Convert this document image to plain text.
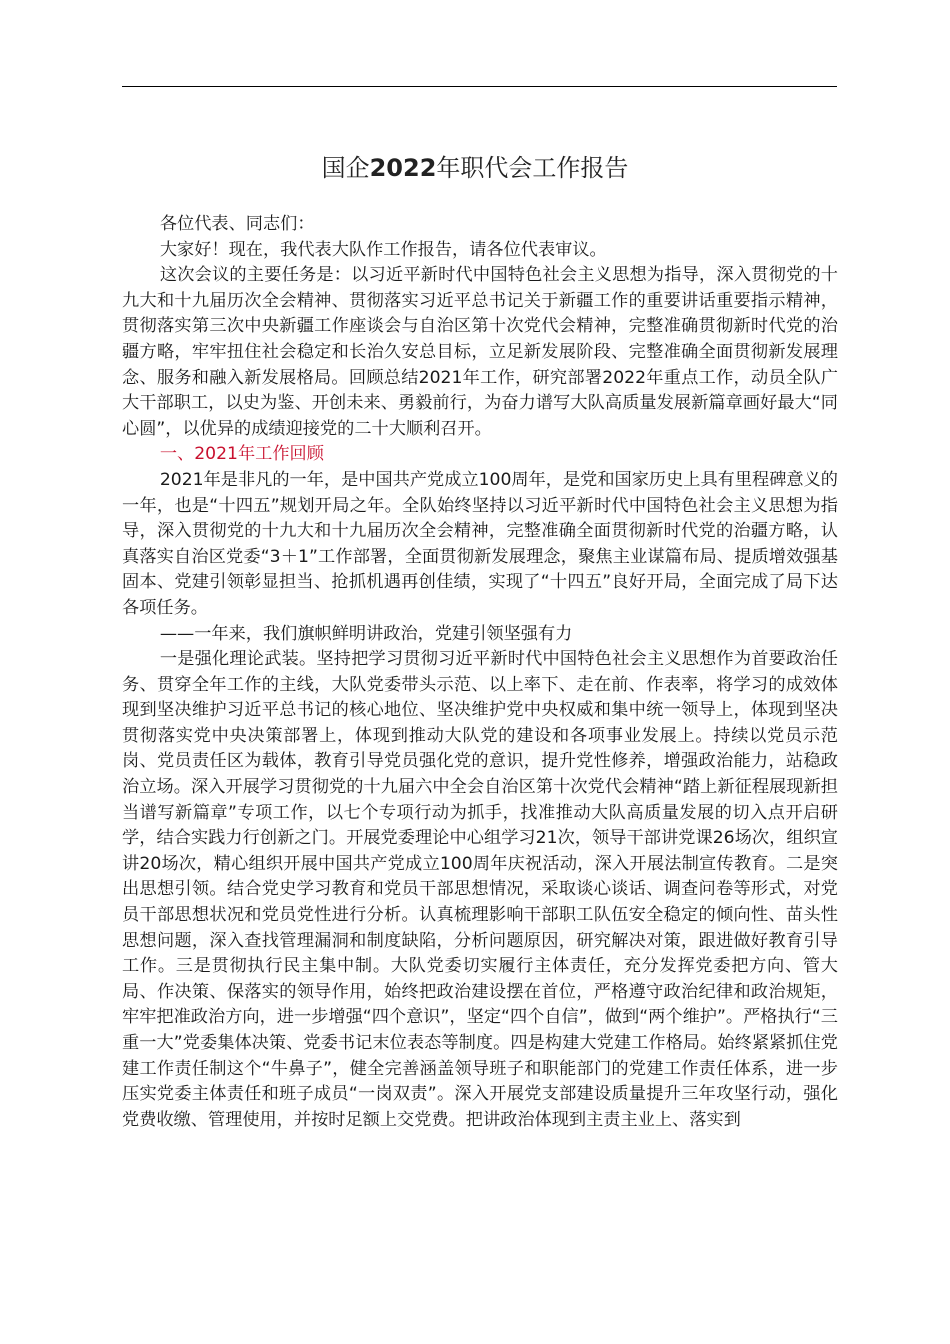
国企2022年职代会工作报告

各位代表、同志们：

大家好！现在，我代表大队作工作报告，请各位代表审议。

这次会议的主要任务是：以习近平新时代中国特色社会主义思想为指导，深入贯彻党的十九大和十九届历次全会精神、贯彻落实习近平总书记关于新疆工作的重要讲话重要指示精神，贯彻落实第三次中央新疆工作座谈会与自治区第十次党代会精神，完整准确贯彻新时代党的治疆方略，牢牢扭住社会稳定和长治久安总目标，立足新发展阶段、完整准确全面贯彻新发展理念、服务和融入新发展格局。回顾总结2021年工作，研究部署2022年重点工作，动员全队广大干部职工，以史为鉴、开创未来、勇毅前行，为奋力谱写大队高质量发展新篇章画好最大“同心圆”，以优异的成绩迎接党的二十大顺利召开。

一、2021年工作回顾

2021年是非凡的一年，是中国共产党成立100周年，是党和国家历史上具有里程碑意义的一年，也是“十四五”规划开局之年。全队始终坚持以习近平新时代中国特色社会主义思想为指导，深入贯彻党的十九大和十九届历次全会精神，完整准确全面贯彻新时代党的治疆方略，认真落实自治区党委“3＋1”工作部署，全面贯彻新发展理念，聚焦主业谋篇布局、提质增效强基固本、党建引领彰显担当、抢抓机遇再创佳绩，实现了“十四五”良好开局，全面完成了局下达各项任务。

——一年来，我们旗帜鲜明讲政治，党建引领坚强有力

一是强化理论武装。坚持把学习贯彻习近平新时代中国特色社会主义思想作为首要政治任务、贯穿全年工作的主线，大队党委带头示范、以上率下、走在前、作表率，将学习的成效体现到坚决维护习近平总书记的核心地位、坚决维护党中央权威和集中统一领导上，体现到坚决贯彻落实党中央决策部署上，体现到推动大队党的建设和各项事业发展上。持续以党员示范岗、党员责任区为载体，教育引导党员强化党的意识，提升党性修养，增强政治能力，站稳政治立场。深入开展学习贯彻党的十九届六中全会自治区第十次党代会精神“踏上新征程展现新担当谱写新篇章”专项工作，以七个专项行动为抓手，找准推动大队高质量发展的切入点开启研学，结合实践力行创新之门。开展党委理论中心组学习21次，领导干部讲党课26场次，组织宣讲20场次，精心组织开展中国共产党成立100周年庆祝活动，深入开展法制宣传教育。二是突出思想引领。结合党史学习教育和党员干部思想情况，采取谈心谈话、调查问卷等形式，对党员干部思想状况和党员党性进行分析。认真梳理影响干部职工队伍安全稳定的倾向性、苗头性思想问题，深入查找管理漏洞和制度缺陷，分析问题原因，研究解决对策，跟进做好教育引导工作。三是贯彻执行民主集中制。大队党委切实履行主体责任，充分发挥党委把方向、管大局、作决策、保落实的领导作用，始终把政治建设摆在首位，严格遵守政治纪律和政治规矩，牢牢把准政治方向，进一步增强“四个意识”，坚定“四个自信”，做到“两个维护”。严格执行“三重一大”党委集体决策、党委书记末位表态等制度。四是构建大党建工作格局。始终紧紧抓住党建工作责任制这个“牛鼻子”，健全完善涵盖领导班子和职能部门的党建工作责任体系，进一步压实党委主体责任和班子成员“一岗双责”。深入开展党支部建设质量提升三年攻坚行动，强化党费收缴、管理使用，并按时足额上交党费。把讲政治体现到主责主业上、落实到
